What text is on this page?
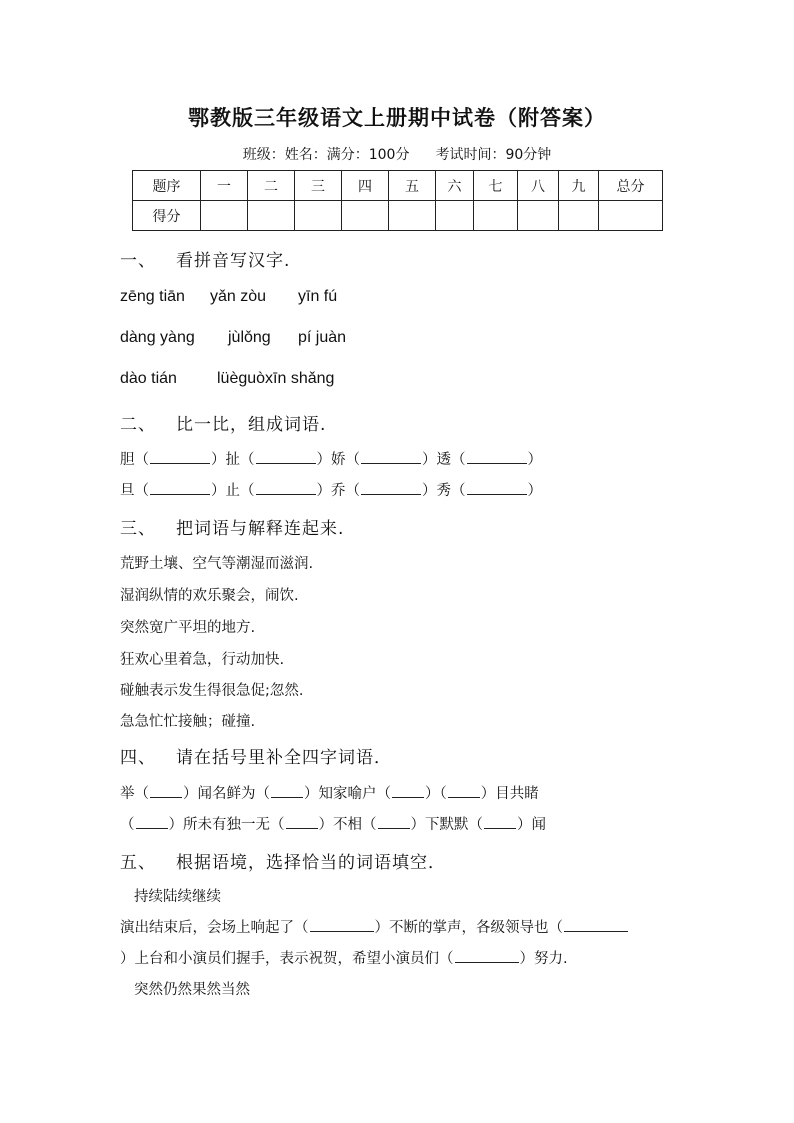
鄂教版三年级语文上册期中试卷（附答案）
班级：姓名：满分：100分 考试时间：90分钟
题序	一	二	三	四	五	六	七	八	九	总分
得分										
一、 看拼音写汉字.
zēng tiān yǎn zòu yīn fú
dàng yàng jùlǒng pí juàn
dào tián	lüèguòxīn shǎng
二、 比一比，组成词语.
胆（	）扯（	）娇（	）透（	）
旦（	）止（	）乔（	）秀（	）
三、 把词语与解释连起来.
荒野土壤、空气等潮湿而滋润.
湿润纵情的欢乐聚会，闹饮.
突然宽广平坦的地方.
狂欢心里着急，行动加快.
碰触表示发生得很急促;忽然.
急急忙忙接触；碰撞.
四、 请在括号里补全四字词语．
举（ ）闻名鲜为（ ）知家喻户（ ）（ ）目共睹
（ ）所未有独一无（ ）不相（ ）下默默（ ）闻
五、 根据语境，选择恰当的词语填空．
持续陆续继续
演出结束后，会场上响起了（	）不断的掌声，各级领导也（
）上台和小演员们握手，表示祝贺，希望小演员们（	）努力.
突然仍然果然当然
